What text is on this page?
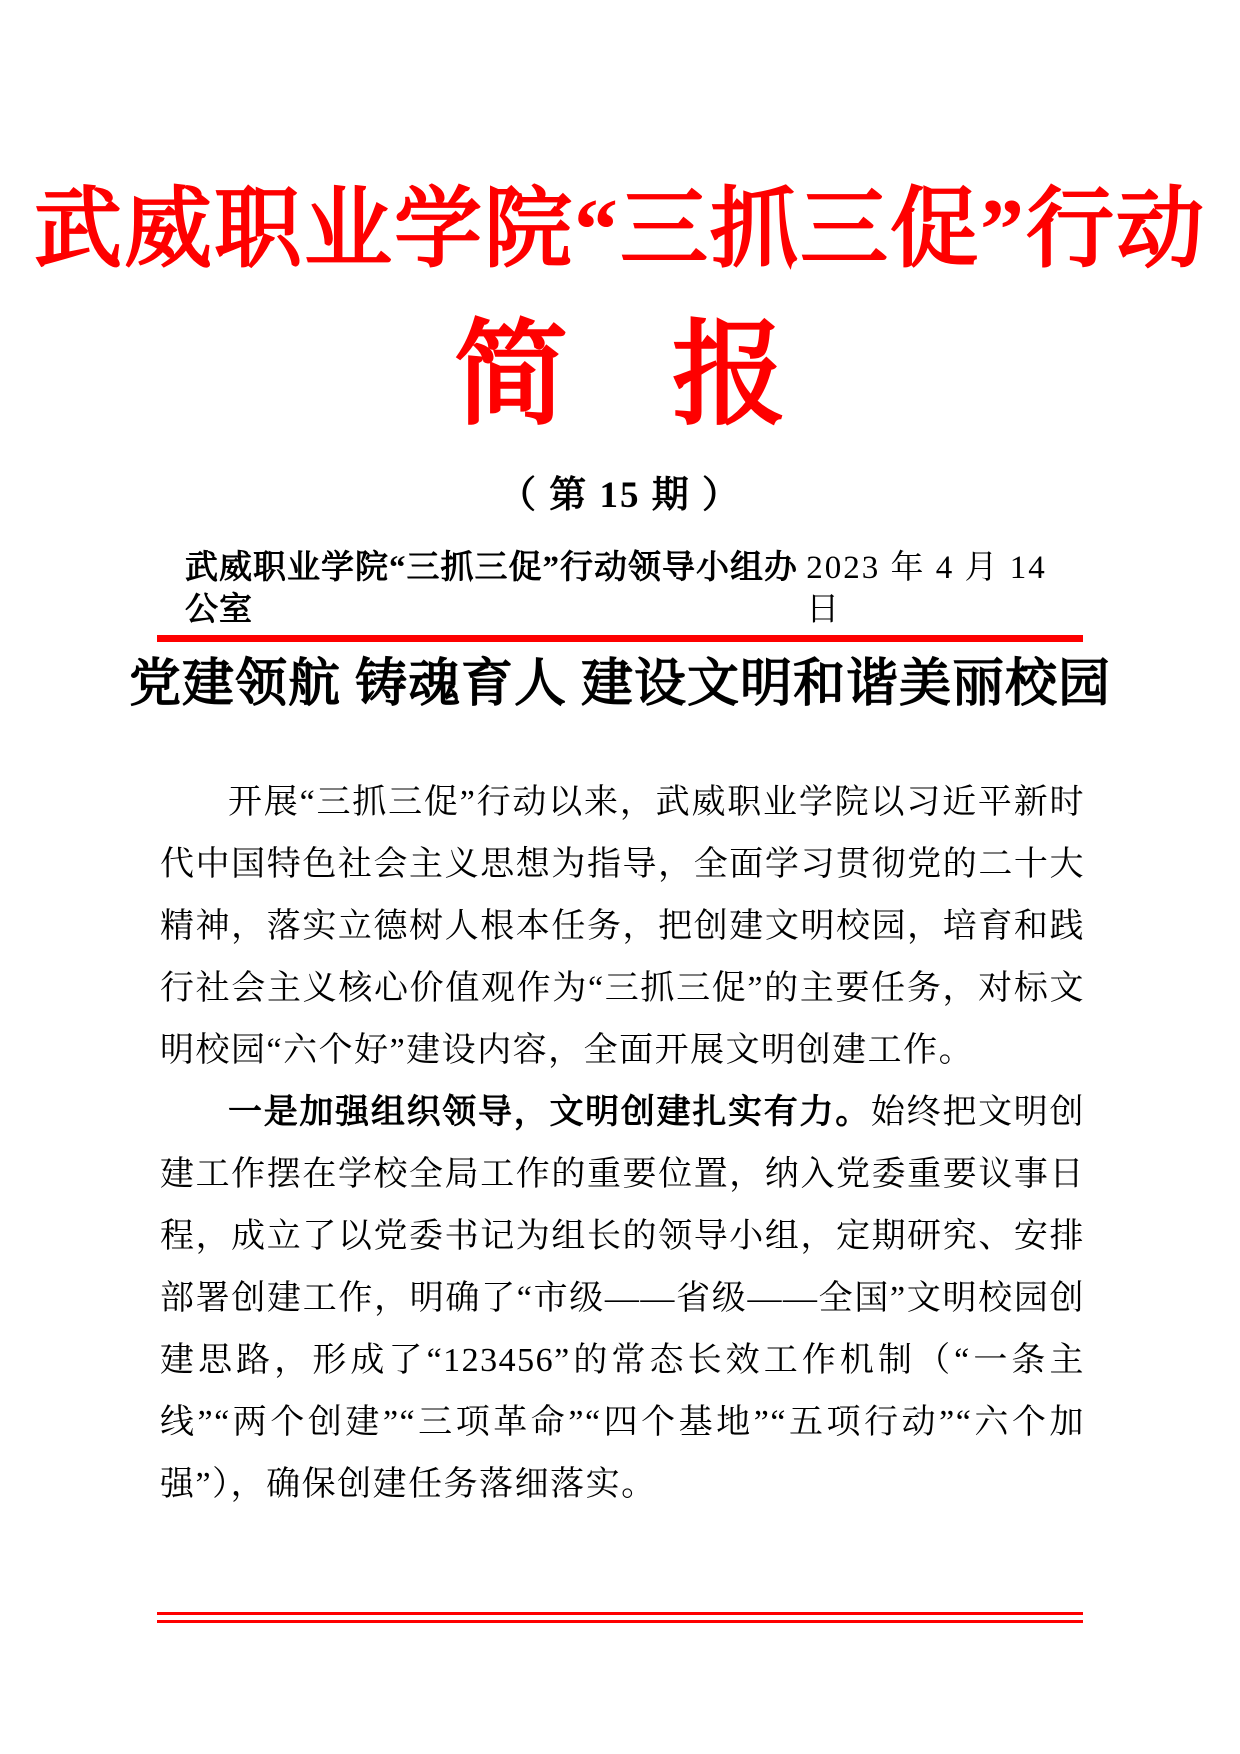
武威职业学院“三抓三促”行动
简 报
（ 第 15 期 ）
武威职业学院“三抓三促”行动领导小组办公室
2023 年 4 月 14 日
党建领航 铸魂育人 建设文明和谐美丽校园

开展“三抓三促”行动以来，武威职业学院以习近平新时代中国特色社会主义思想为指导，全面学习贯彻党的二十大精神，落实立德树人根本任务，把创建文明校园，培育和践行社会主义核心价值观作为“三抓三促”的主要任务，对标文明校园“六个好”建设内容，全面开展文明创建工作。

一是加强组织领导，文明创建扎实有力。始终把文明创建工作摆在学校全局工作的重要位置，纳入党委重要议事日程，成立了以党委书记为组长的领导小组，定期研究、安排部署创建工作，明确了“市级——省级——全国”文明校园创建思路，形成了“123456”的常态长效工作机制（“一条主线”“两个创建”“三项革命”“四个基地”“五项行动”“六个加强”），确保创建任务落细落实。
